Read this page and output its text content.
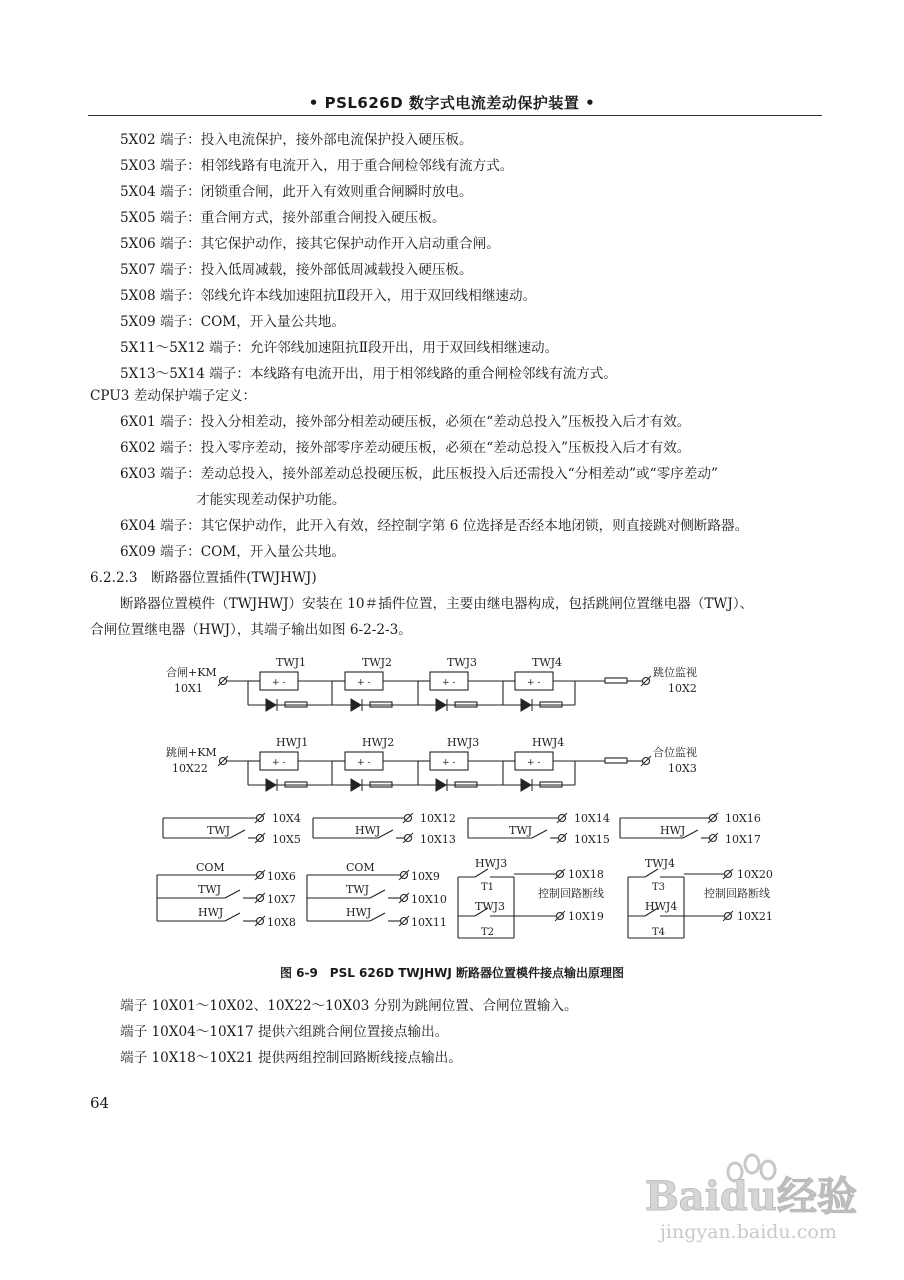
• PSL626D 数字式电流差动保护装置 •
5X02 端子：投入电流保护，接外部电流保护投入硬压板。
5X03 端子：相邻线路有电流开入，用于重合闸检邻线有流方式。
5X04 端子：闭锁重合闸，此开入有效则重合闸瞬时放电。
5X05 端子：重合闸方式，接外部重合闸投入硬压板。
5X06 端子：其它保护动作，接其它保护动作开入启动重合闸。
5X07 端子：投入低周减载，接外部低周减载投入硬压板。
5X08 端子：邻线允许本线加速阻抗Ⅱ段开入，用于双回线相继速动。
5X09 端子：COM，开入量公共地。
5X11～5X12 端子：允许邻线加速阻抗Ⅱ段开出，用于双回线相继速动。
5X13～5X14 端子：本线路有电流开出，用于相邻线路的重合闸检邻线有流方式。
CPU3 差动保护端子定义：
6X01 端子：投入分相差动，接外部分相差动硬压板，必须在“差动总投入”压板投入后才有效。
6X02 端子：投入零序差动，接外部零序差动硬压板，必须在“差动总投入”压板投入后才有效。
6X03 端子：差动总投入，接外部差动总投硬压板，此压板投入后还需投入“分相差动”或“零序差动”
才能实现差动保护功能。
6X04 端子：其它保护动作，此开入有效，经控制字第 6 位选择是否经本地闭锁，则直接跳对侧断路器。
6X09 端子：COM，开入量公共地。
6.2.2.3　断路器位置插件(TWJHWJ)
断路器位置模件（TWJHWJ）安装在 10＃插件位置，主要由继电器构成，包括跳闸位置继电器（TWJ）、
合闸位置继电器（HWJ），其端子输出如图 6-2-2-3。
合闸+KM
10X1
TWJ1	TWJ2	TWJ3	TWJ4
+ -	+ -	+ -	+ -
跳位监视
10X2
跳闸+KM
10X22
HWJ1	HWJ2	HWJ3	HWJ4
+ -	+ -	+ -	+ -
合位监视
10X3
TWJ
10X4
10X5
HWJ
10X12
10X13
TWJ
10X14
10X15
HWJ
10X16
10X17
COM
TWJ
HWJ
10X6
10X7
10X8
COM
TWJ
HWJ
10X9
10X10
10X11
HWJ3
T1
TWJ3
T2
10X18
控制回路断线
10X19
TWJ4
T3
HWJ4
T4
10X20
控制回路断线
10X21
图 6-9　PSL 626D TWJHWJ 断路器位置模件接点输出原理图
端子 10X01～10X02、10X22～10X03 分别为跳闸位置、合闸位置输入。
端子 10X04～10X17 提供六组跳合闸位置接点输出。
端子 10X18～10X21 提供两组控制回路断线接点输出。
64
Baidu经验
jingyan.baidu.com
